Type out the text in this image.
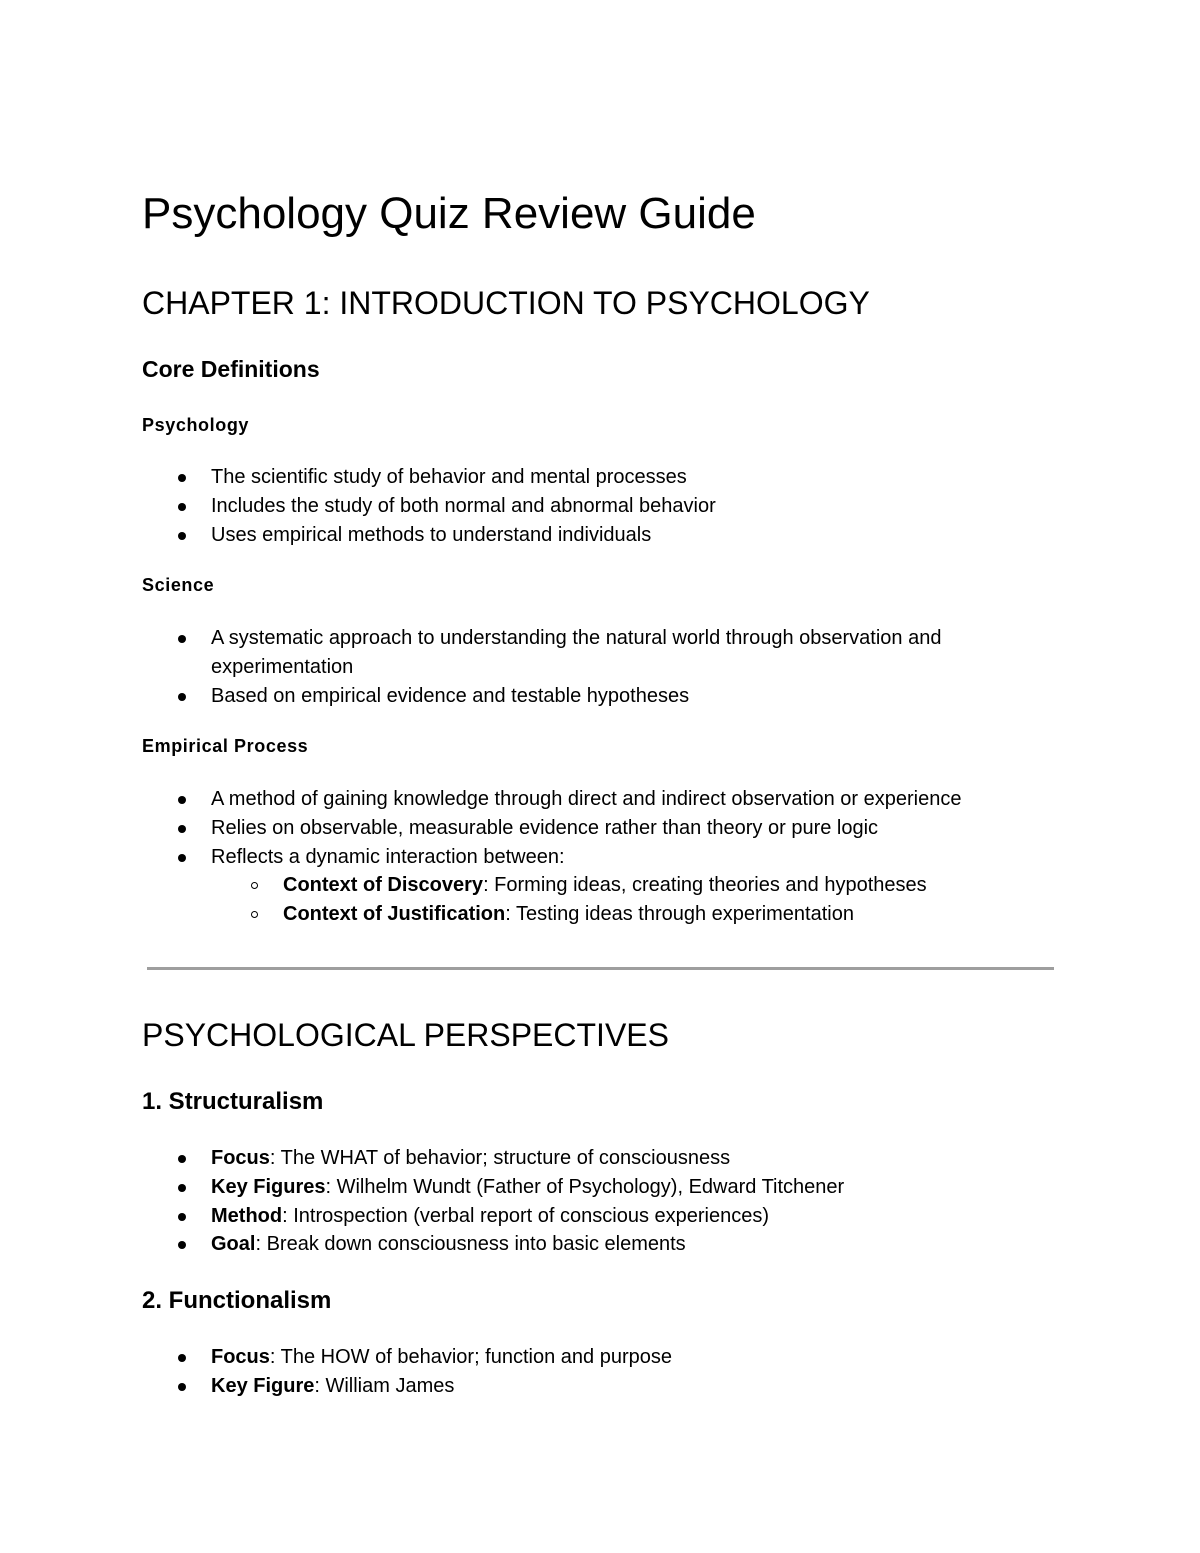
Psychology Quiz Review Guide
CHAPTER 1: INTRODUCTION TO PSYCHOLOGY
Core Definitions
Psychology
The scientific study of behavior and mental processes
Includes the study of both normal and abnormal behavior
Uses empirical methods to understand individuals
Science
A systematic approach to understanding the natural world through observation and experimentation
Based on empirical evidence and testable hypotheses
Empirical Process
A method of gaining knowledge through direct and indirect observation or experience
Relies on observable, measurable evidence rather than theory or pure logic
Reflects a dynamic interaction between:
Context of Discovery: Forming ideas, creating theories and hypotheses
Context of Justification: Testing ideas through experimentation
PSYCHOLOGICAL PERSPECTIVES
1. Structuralism
Focus: The WHAT of behavior; structure of consciousness
Key Figures: Wilhelm Wundt (Father of Psychology), Edward Titchener
Method: Introspection (verbal report of conscious experiences)
Goal: Break down consciousness into basic elements
2. Functionalism
Focus: The HOW of behavior; function and purpose
Key Figure: William James
